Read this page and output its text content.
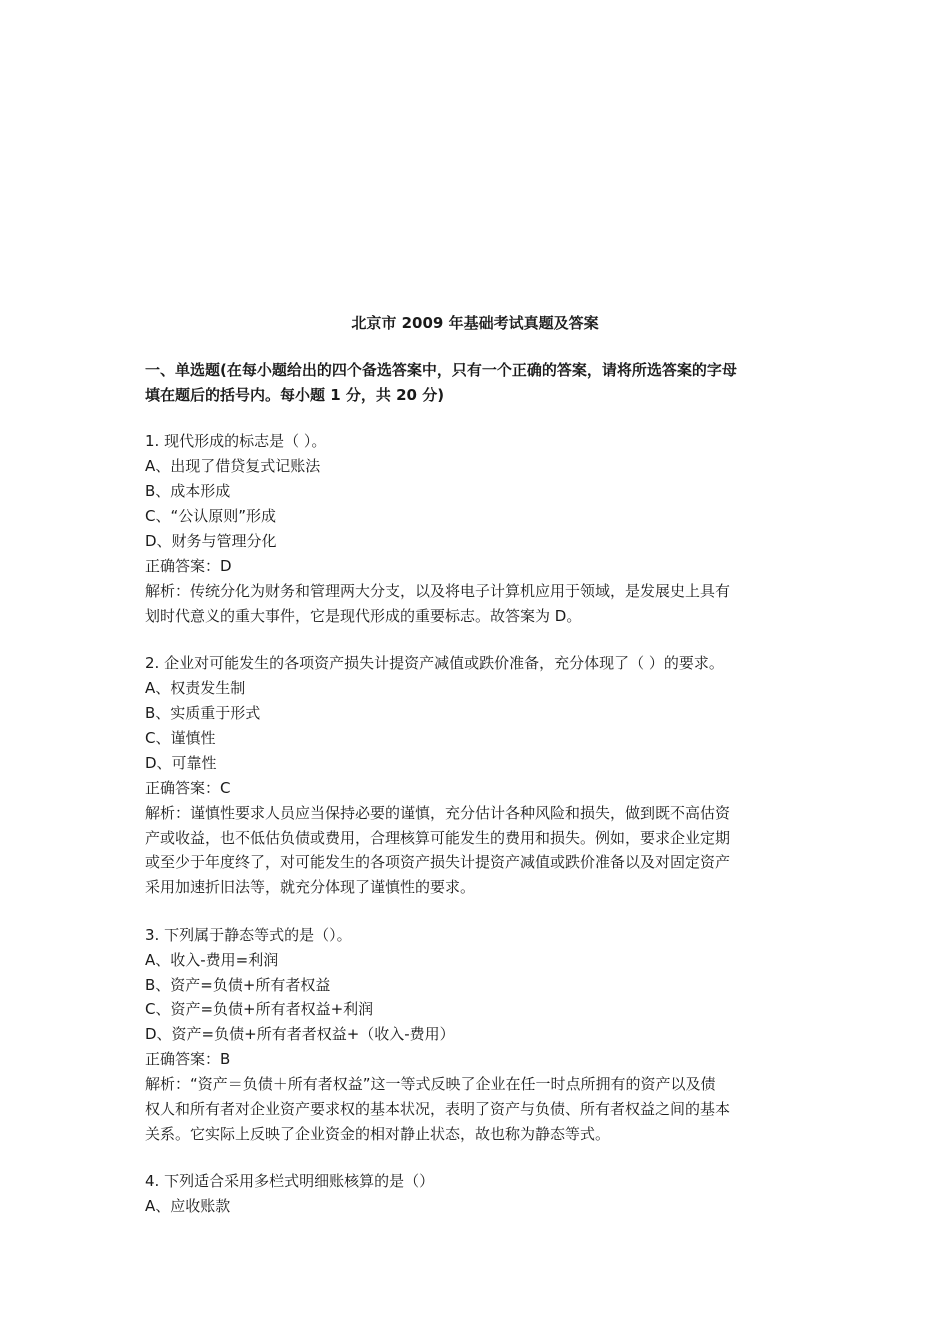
北京市 2009 年基础考试真题及答案
一、单选题(在每小题给出的四个备选答案中，只有一个正确的答案，请将所选答案的字母
填在题后的括号内。每小题 1 分，共 20 分)
1. 现代形成的标志是（ ）。
A、出现了借贷复式记账法
B、成本形成
C、“公认原则”形成
D、财务与管理分化
正确答案：D
解析：传统分化为财务和管理两大分支，以及将电子计算机应用于领域，是发展史上具有
划时代意义的重大事件，它是现代形成的重要标志。故答案为 D。
2. 企业对可能发生的各项资产损失计提资产减值或跌价准备，充分体现了（ ）的要求。
A、权责发生制
B、实质重于形式
C、谨慎性
D、可靠性
正确答案：C
解析：谨慎性要求人员应当保持必要的谨慎，充分估计各种风险和损失，做到既不高估资
产或收益，也不低估负债或费用，合理核算可能发生的费用和损失。例如，要求企业定期
或至少于年度终了，对可能发生的各项资产损失计提资产减值或跌价准备以及对固定资产
采用加速折旧法等，就充分体现了谨慎性的要求。
3. 下列属于静态等式的是（）。
A、收入-费用=利润
B、资产=负债+所有者权益
C、资产=负债+所有者权益+利润
D、资产=负债+所有者者权益+（收入-费用）
正确答案：B
解析：“资产＝负债＋所有者权益”这一等式反映了企业在任一时点所拥有的资产以及债
权人和所有者对企业资产要求权的基本状况，表明了资产与负债、所有者权益之间的基本
关系。它实际上反映了企业资金的相对静止状态，故也称为静态等式。
4. 下列适合采用多栏式明细账核算的是（）
A、应收账款
